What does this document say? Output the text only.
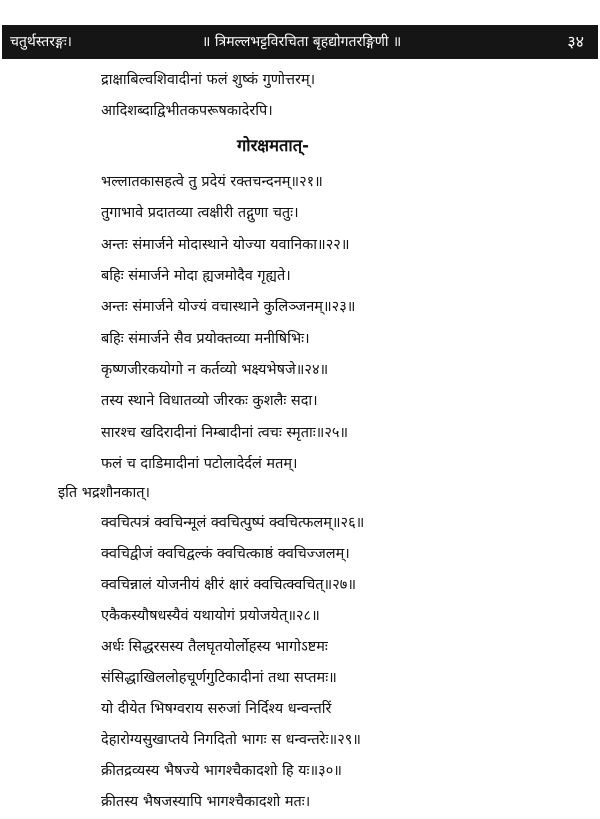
चतुर्थस्तरङ्गः।	॥ त्रिमल्लभट्टविरचिता बृहद्योगतरङ्गिणी ॥	३४
द्राक्षाबिल्वशिवादीनां फलं शुष्कं गुणोत्तरम्।
आदिशब्दाद्विभीतकपरूषकादेरपि।
गोरक्षमतात्-
भल्लातकासहत्वे तु प्रदेयं रक्तचन्दनम्॥२१॥
तुगाभावे प्रदातव्या त्वक्षीरी तद्गुणा चतुः।
अन्तः संमार्जने मोदास्थाने योज्या यवानिका॥२२॥
बहिः संमार्जने मोदा ह्यजमोदैव गृह्यते।
अन्तः संमार्जने योज्यं वचास्थाने कुलिञ्जनम्॥२३॥
बहिः संमार्जने सैव प्रयोक्तव्या मनीषिभिः।
कृष्णजीरकयोगो न कर्तव्यो भक्ष्यभेषजे॥२४॥
तस्य स्थाने विधातव्यो जीरकः कुशलैः सदा।
सारश्च खदिरादीनां निम्बादीनां त्वचः स्मृताः॥२५॥
फलं च दाडिमादीनां पटोलादेर्दलं मतम्।
इति भद्रशौनकात्।
क्वचित्पत्रं क्वचिन्मूलं क्वचित्पुष्पं क्वचित्फलम्॥२६॥
क्वचिद्वीजं क्वचिद्वल्कं क्वचित्काष्ठं क्वचिज्जलम्।
क्वचिन्नालं योजनीयं क्षीरं क्षारं क्वचित्क्वचित्॥२७॥
एकैकस्यौषधस्यैवं यथायोगं प्रयोजयेत्॥२८॥
अर्धः सिद्धरसस्य तैलघृतयोर्लोहस्य भागोऽष्टमः
संसिद्धाखिललोहचूर्णगुटिकादीनां तथा सप्तमः॥
यो दीयेत भिषग्वराय सरुजां निर्दिश्य धन्वन्तरिं
देहारोग्यसुखाप्तये निगदितो भागः स धन्वन्तरेः॥२९॥
क्रीतद्रव्यस्य भैषज्ये भागश्चैकादशो हि यः॥३०॥
क्रीतस्य भैषजस्यापि भागश्चैकादशो मतः।
